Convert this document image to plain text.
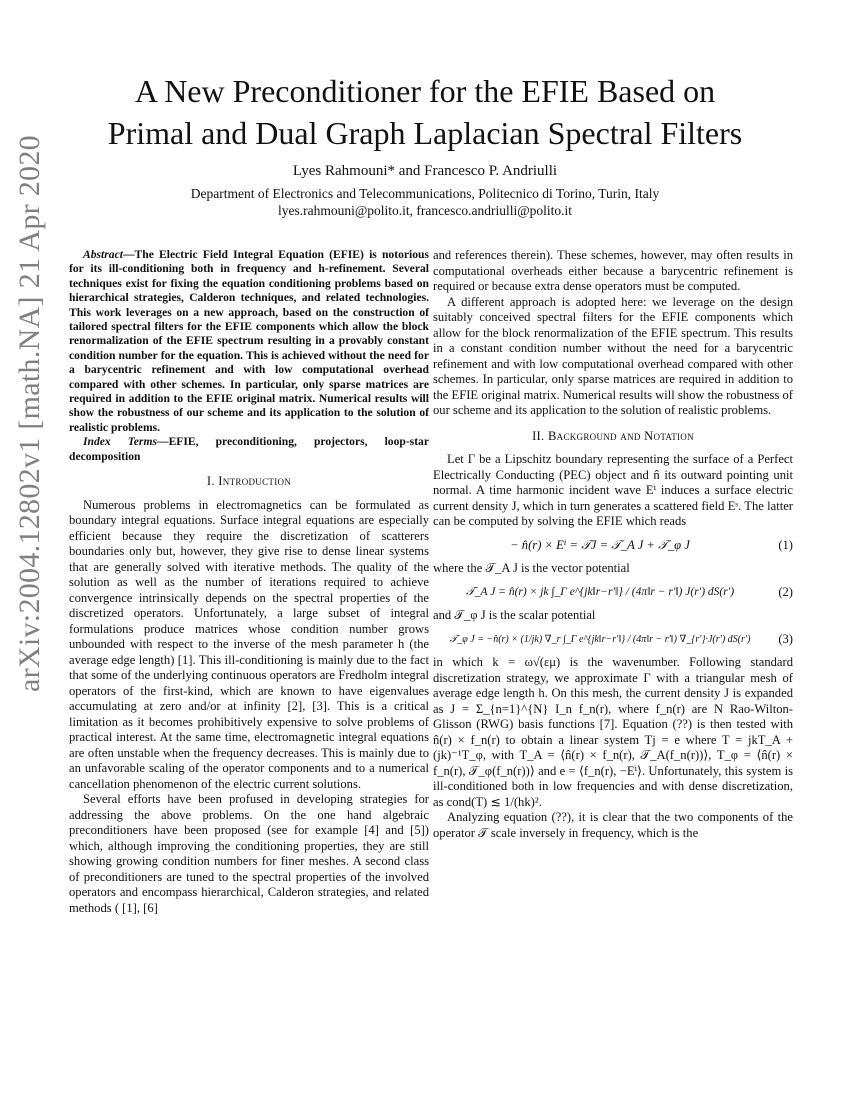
arXiv:2004.12802v1 [math.NA] 21 Apr 2020
A New Preconditioner for the EFIE Based on
Primal and Dual Graph Laplacian Spectral Filters
Lyes Rahmouni* and Francesco P. Andriulli
Department of Electronics and Telecommunications, Politecnico di Torino, Turin, Italy
lyes.rahmouni@polito.it, francesco.andriulli@polito.it

Abstract—The Electric Field Integral Equation (EFIE) is notorious for its ill-conditioning both in frequency and h-refinement. Several techniques exist for fixing the equation conditioning problems based on hierarchical strategies, Calderon techniques, and related technologies. This work leverages on a new approach, based on the construction of tailored spectral filters for the EFIE components which allow the block renormalization of the EFIE spectrum resulting in a provably constant condition number for the equation. This is achieved without the need for a barycentric refinement and with low computational overhead compared with other schemes. In particular, only sparse matrices are required in addition to the EFIE original matrix. Numerical results will show the robustness of our scheme and its application to the solution of realistic problems.

Index Terms—EFIE, preconditioning, projectors, loop-star decomposition

I. Introduction

Numerous problems in electromagnetics can be formulated as boundary integral equations. Surface integral equations are especially efficient because they require the discretization of scatterers boundaries only but, however, they give rise to dense linear systems that are generally solved with iterative methods. The quality of the solution as well as the number of iterations required to achieve convergence intrinsically depends on the spectral properties of the discretized operators. Unfortunately, a large subset of integral formulations produce matrices whose condition number grows unbounded with respect to the inverse of the mesh parameter h (the average edge length) [1]. This ill-conditioning is mainly due to the fact that some of the underlying continuous operators are Fredholm integral operators of the first-kind, which are known to have eigenvalues accumulating at zero and/or at infinity [2], [3]. This is a critical limitation as it becomes prohibitively expensive to solve problems of practical interest. At the same time, electromagnetic integral equations are often unstable when the frequency decreases. This is mainly due to an unfavorable scaling of the operator components and to a numerical cancellation phenomenon of the electric current solutions.

Several efforts have been profused in developing strategies for addressing the above problems. On the one hand algebraic preconditioners have been proposed (see for example [4] and [5]) which, although improving the conditioning properties, they are still showing growing condition numbers for finer meshes. A second class of preconditioners are tuned to the spectral properties of the involved operators and encompass hierarchical, Calderon strategies, and related methods ( [1], [6]

and references therein). These schemes, however, may often results in computational overheads either because a barycentric refinement is required or because extra dense operators must be computed.

A different approach is adopted here: we leverage on the design suitably conceived spectral filters for the EFIE components which allow for the block renormalization of the EFIE spectrum. This results in a constant condition number without the need for a barycentric refinement and with low computational overhead compared with other schemes. In particular, only sparse matrices are required in addition to the EFIE original matrix. Numerical results will show the robustness of our scheme and its application to the solution of realistic problems.

II. Background and Notation

Let Γ be a Lipschitz boundary representing the surface of a Perfect Electrically Conducting (PEC) object and n̂ its outward pointing unit normal. A time harmonic incident wave Eⁱ induces a surface electric current density J, which in turn generates a scattered field Eˢ. The latter can be computed by solving the EFIE which reads

− n̂(r) × Eⁱ = 𝒯J = 𝒯_A J + 𝒯_φ J	(1)

where the 𝒯_A J is the vector potential

𝒯_A J = n̂(r) × jk ∫_Γ e^{jk‖r−r′‖} / (4π‖r − r′‖) J(r′) dS(r′)	(2)

and 𝒯_φ J is the scalar potential

𝒯_φ J = −n̂(r) × (1/jk) ∇_r ∫_Γ e^{jk‖r−r′‖} / (4π‖r − r′‖) ∇_{r′}·J(r′) dS(r′)	(3)

in which k = ω√(εμ) is the wavenumber. Following standard discretization strategy, we approximate Γ with a triangular mesh of average edge length h. On this mesh, the current density J is expanded as J = Σ_{n=1}^{N} I_n f_n(r), where f_n(r) are N Rao-Wilton-Glisson (RWG) basis functions [7]. Equation (??) is then tested with n̂(r) × f_n(r) to obtain a linear system Tj = e where T = jkT_A + (jk)⁻¹T_φ, with T_A = ⟨n̂(r) × f_n(r), 𝒯_A(f_n(r))⟩, T_φ = ⟨n̂(r) × f_n(r), 𝒯_φ(f_n(r))⟩ and e = ⟨f_n(r), −Eⁱ⟩. Unfortunately, this system is ill-conditioned both in low frequencies and with dense discretization, as cond(T) ≲ 1/(hk)².

Analyzing equation (??), it is clear that the two components of the operator 𝒯 scale inversely in frequency, which is the
